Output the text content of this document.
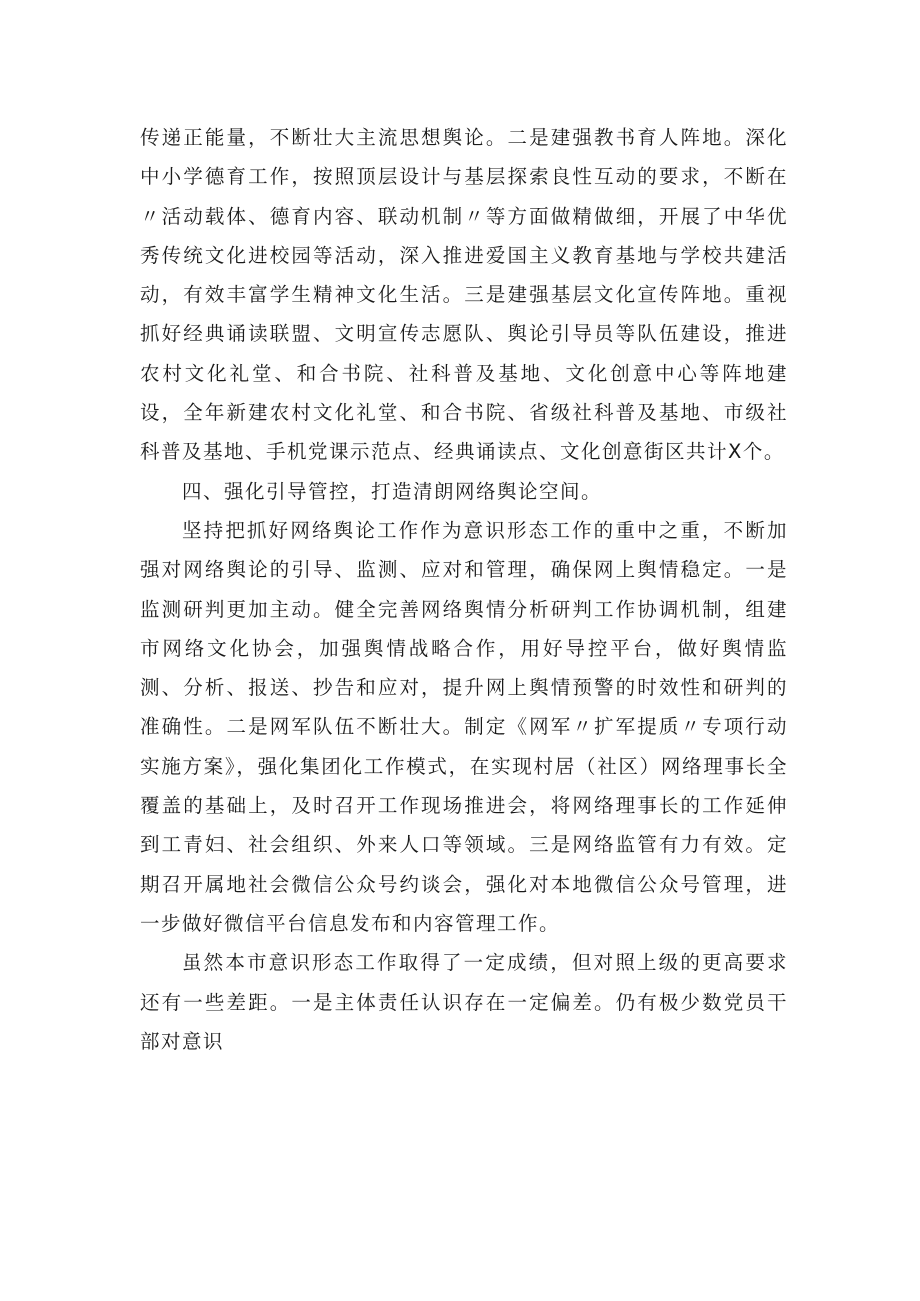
传递正能量，不断壮大主流思想舆论。二是建强教书育人阵地。深化中小学德育工作，按照顶层设计与基层探索良性互动的要求，不断在〃活动载体、德育内容、联动机制〃等方面做精做细，开展了中华优秀传统文化进校园等活动，深入推进爱国主义教育基地与学校共建活动，有效丰富学生精神文化生活。三是建强基层文化宣传阵地。重视抓好经典诵读联盟、文明宣传志愿队、舆论引导员等队伍建设，推进农村文化礼堂、和合书院、社科普及基地、文化创意中心等阵地建设，全年新建农村文化礼堂、和合书院、省级社科普及基地、市级社科普及基地、手机党课示范点、经典诵读点、文化创意街区共计X个。

四、强化引导管控，打造清朗网络舆论空间。

坚持把抓好网络舆论工作作为意识形态工作的重中之重，不断加强对网络舆论的引导、监测、应对和管理，确保网上舆情稳定。一是监测研判更加主动。健全完善网络舆情分析研判工作协调机制，组建市网络文化协会，加强舆情战略合作，用好导控平台，做好舆情监测、分析、报送、抄告和应对，提升网上舆情预警的时效性和研判的准确性。二是网军队伍不断壮大。制定《网军〃扩军提质〃专项行动实施方案》，强化集团化工作模式，在实现村居（社区）网络理事长全覆盖的基础上，及时召开工作现场推进会，将网络理事长的工作延伸到工青妇、社会组织、外来人口等领域。三是网络监管有力有效。定期召开属地社会微信公众号约谈会，强化对本地微信公众号管理，进一步做好微信平台信息发布和内容管理工作。

虽然本市意识形态工作取得了一定成绩，但对照上级的更高要求还有一些差距。一是主体责任认识存在一定偏差。仍有极少数党员干部对意识
